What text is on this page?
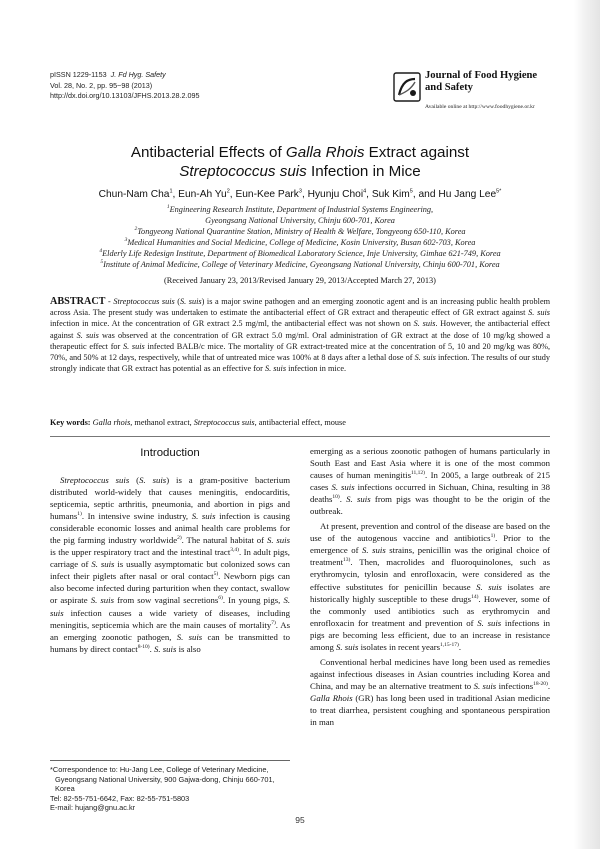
pISSN 1229-1153 J. Fd Hyg. Safety
Vol. 28, No. 2, pp. 95~98 (2013)
http://dx.doi.org/10.13103/JFHS.2013.28.2.095
Journal of Food Hygiene
and Safety
Available online at http://www.foodhygiene.or.kr

Antibacterial Effects of Galla Rhois Extract against

Streptococcus suis Infection in Mice

Chun-Nam Cha$^1$, Eun-Ah Yu$^2$, Eun-Kee Park$^3$, Hyunju Choi$^4$, Suk Kim$^5$, and Hu Jang Lee$^{5*}$

$^1$Engineering Research Institute, Department of Industrial Systems Engineering,

Gyeongsang National University, Chinju 600-701, Korea

$^2$Tongyeong National Quarantine Station, Ministry of Health & Welfare, Tongyeong 650-110, Korea

$^3$Medical Humanities and Social Medicine, College of Medicine, Kosin University, Busan 602-703, Korea

$^4$Elderly Life Redesign Institute, Department of Biomedical Laboratory Science, Inje University, Gimhae 621-749, Korea

$^5$Institute of Animal Medicine, College of Veterinary Medicine, Gyeongsang National University, Chinju 600-701, Korea

(Received January 23, 2013/Revised January 29, 2013/Accepted March 27, 2013)
ABSTRACT - Streptococcus suis (S. suis) is a major swine pathogen and an emerging zoonotic agent and is an increasing public health problem across Asia. The present study was undertaken to estimate the antibacterial effect of GR extract and therapeutic effect of GR extract against S. suis infection in mice. At the concentration of GR extract 2.5 mg/ml, the antibacterial effect was not shown on S. suis. However, the antibacterial effect against S. suis was observed at the concentration of GR extract 5.0 mg/ml. Oral administration of GR extract at the dose of 10 mg/kg showed a therapeutic effect for S. suis infected BALB/c mice. The mortality of GR extract-treated mice at the concentration of 5, 10 and 20 mg/kg was 80%, 70%, and 50% at 12 days, respectively, while that of untreated mice was 100% at 8 days after a lethal dose of S. suis infection. The results of our study strongly indicate that GR extract has potential as an effective for S. suis infection in mice.
Key words: Galla rhois, methanol extract, Streptococcus suis, antibacterial effect, mouse
Introduction

Streptococcus suis (S. suis) is a gram-positive bacterium distributed world-widely that causes meningitis, endocarditis, septicemia, septic arthritis, pneumonia, and abortion in pigs and humans$^{1)}$. In intensive swine industry, S. suis infection is causing considerable economic losses and animal health care problems for the pig farming industry worldwide$^{2)}$. The natural habitat of S. suis is the upper respiratory tract and the intestinal tract$^{3,4)}$. In adult pigs, carriage of S. suis is usually asymptomatic but colonized sows can infect their piglets after nasal or oral contact$^{5)}$. Newborn pigs can also become infected during parturition when they contact, swallow or aspirate S. suis from sow vaginal secretions$^{6)}$. In young pigs, S. suis infection causes a wide variety of diseases, including meningitis, septicemia which are the main causes of mortality$^{7)}$. As an emerging zoonotic pathogen, S. suis can be transmitted to humans by direct contact$^{8-10)}$. S. suis is also

emerging as a serious zoonotic pathogen of humans particularly in South East and East Asia where it is one of the most common causes of human meningitis$^{11,12)}$. In 2005, a large outbreak of 215 cases S. suis infections occurred in Sichuan, China, resulting in 38 deaths$^{10)}$. S. suis from pigs was thought to be the origin of the outbreak.

At present, prevention and control of the disease are based on the use of the autogenous vaccine and antibiotics$^{1)}$. Prior to the emergence of S. suis strains, penicillin was the original choice of treatment$^{13)}$. Then, macrolides and fluoroquinolones, such as erythromycin, tylosin and enrofloxacin, were considered as the effective substitutes for penicillin because S. suis isolates are historically highly susceptible to these drugs$^{14)}$. However, some of the commonly used antibiotics such as erythromycin and enrofloxacin for treatment and prevention of S. suis infections in pigs are becoming less efficient, due to an increase in resistance among S. suis isolates in recent years$^{1,15-17)}$.

Conventional herbal medicines have long been used as remedies against infectious diseases in Asian countries including Korea and China, and may be an alternative treatment to S. suis infections$^{18-20)}$. Galla Rhois (GR) has long been used in traditional Asian medicine to treat diarrhea, persistent coughing and spontaneous perspiration in man

*Correspondence to: Hu-Jang Lee, College of Veterinary Medicine,
Gyeongsang National University, 900 Gajwa-dong, Chinju 660-701,
Korea
Tel: 82-55-751-6642, Fax: 82-55-751-5803
E-mail: hujang@gnu.ac.kr
95
